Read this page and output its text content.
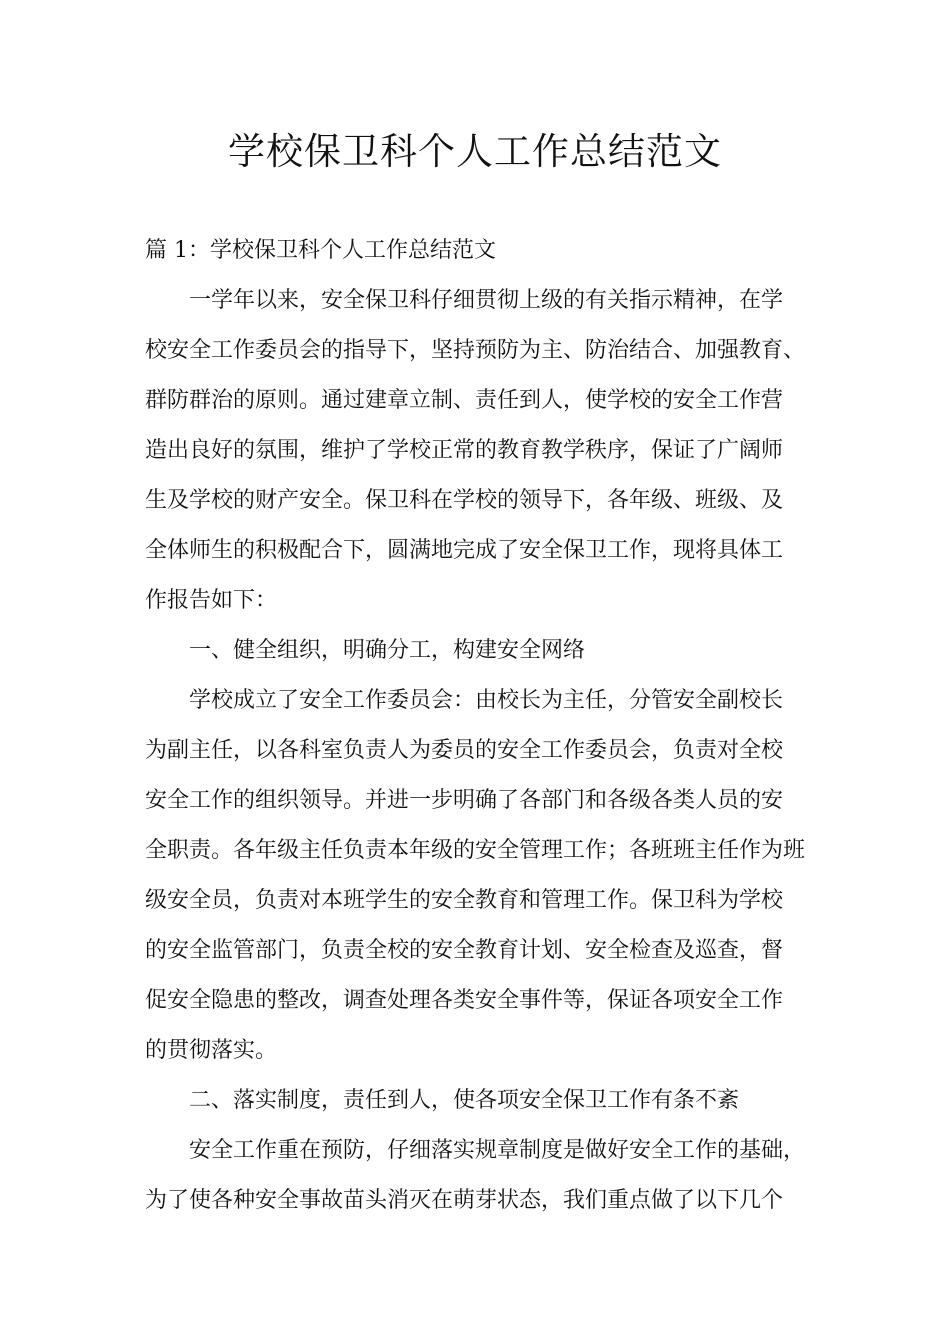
学校保卫科个人工作总结范文

篇 1：学校保卫科个人工作总结范文

一学年以来，安全保卫科仔细贯彻上级的有关指示精神，在学

校安全工作委员会的指导下，坚持预防为主、防治结合、加强教育、

群防群治的原则。通过建章立制、责任到人，使学校的安全工作营

造出良好的氛围，维护了学校正常的教育教学秩序，保证了广阔师

生及学校的财产安全。保卫科在学校的领导下，各年级、班级、及

全体师生的积极配合下，圆满地完成了安全保卫工作，现将具体工

作报告如下：

一、健全组织，明确分工，构建安全网络

学校成立了安全工作委员会：由校长为主任，分管安全副校长

为副主任，以各科室负责人为委员的安全工作委员会，负责对全校

安全工作的组织领导。并进一步明确了各部门和各级各类人员的安

全职责。各年级主任负责本年级的安全管理工作；各班班主任作为班

级安全员，负责对本班学生的安全教育和管理工作。保卫科为学校

的安全监管部门，负责全校的安全教育计划、安全检查及巡查，督

促安全隐患的整改，调查处理各类安全事件等，保证各项安全工作

的贯彻落实。

二、落实制度，责任到人，使各项安全保卫工作有条不紊

安全工作重在预防，仔细落实规章制度是做好安全工作的基础，

为了使各种安全事故苗头消灭在萌芽状态，我们重点做了以下几个
